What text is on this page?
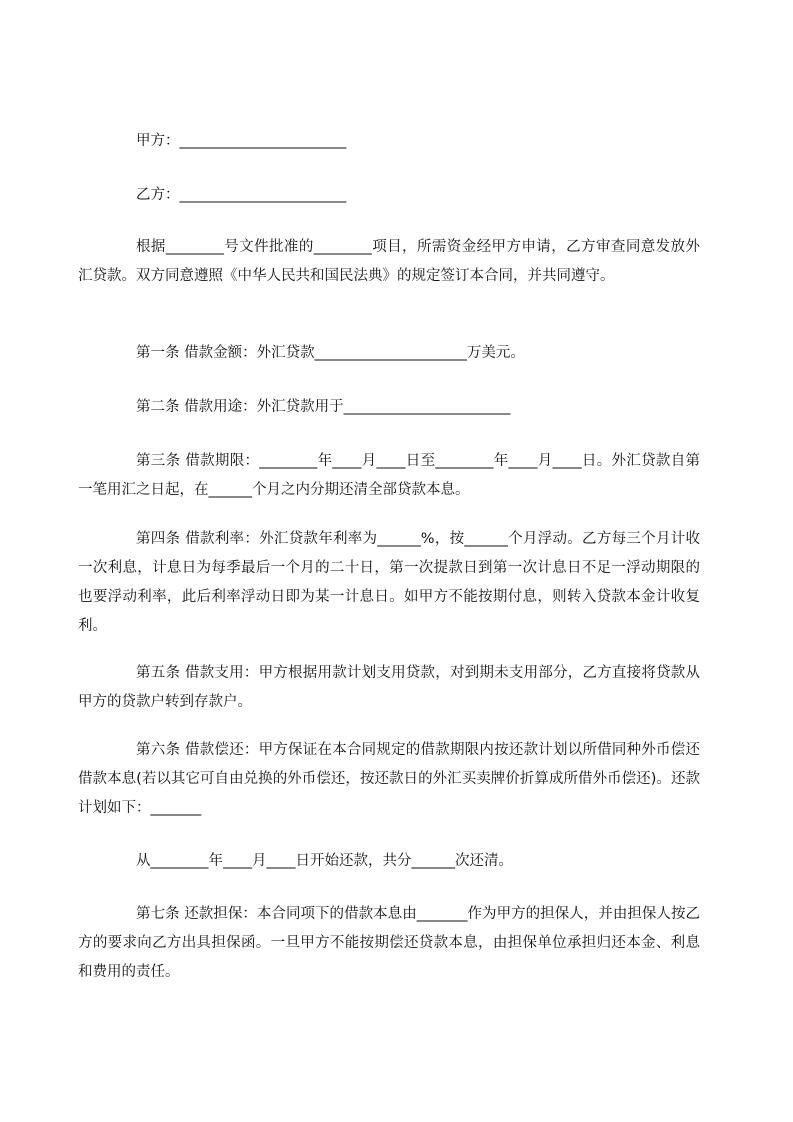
甲方：_______________________
乙方：_______________________
根据________号文件批准的________项目，所需资金经甲方申请，乙方审查同意发放外汇贷款。双方同意遵照《中华人民共和国民法典》的规定签订本合同，并共同遵守。
第一条 借款金额：外汇贷款_____________________万美元。
第二条 借款用途：外汇贷款用于_______________________
第三条 借款期限：________年____月____日至________年____月____日。外汇贷款自第一笔用汇之日起，在______个月之内分期还清全部贷款本息。
第四条 借款利率：外汇贷款年利率为______%，按______个月浮动。乙方每三个月计收一次利息，计息日为每季最后一个月的二十日，第一次提款日到第一次计息日不足一浮动期限的也要浮动利率，此后利率浮动日即为某一计息日。如甲方不能按期付息，则转入贷款本金计收复利。
第五条 借款支用：甲方根据用款计划支用贷款，对到期未支用部分，乙方直接将贷款从甲方的贷款户转到存款户。
第六条 借款偿还：甲方保证在本合同规定的借款期限内按还款计划以所借同种外币偿还借款本息(若以其它可自由兑换的外币偿还，按还款日的外汇买卖牌价折算成所借外币偿还)。还款计划如下：_______
从________年____月____日开始还款，共分______次还清。
第七条 还款担保：本合同项下的借款本息由_______作为甲方的担保人，并由担保人按乙方的要求向乙方出具担保函。一旦甲方不能按期偿还贷款本息，由担保单位承担归还本金、利息和费用的责任。
